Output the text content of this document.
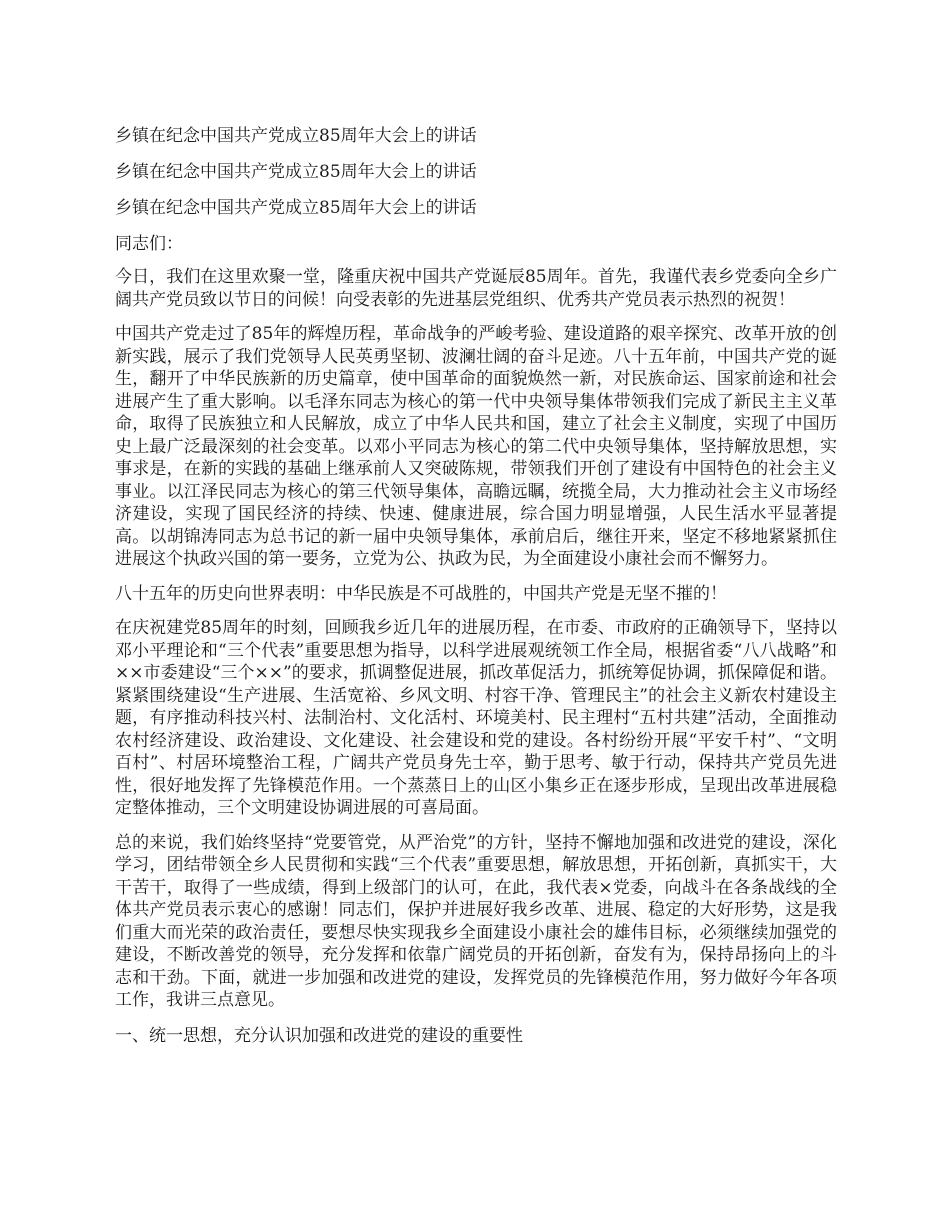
乡镇在纪念中国共产党成立85周年大会上的讲话

乡镇在纪念中国共产党成立85周年大会上的讲话

乡镇在纪念中国共产党成立85周年大会上的讲话

同志们：

今日，我们在这里欢聚一堂，隆重庆祝中国共产党诞辰85周年。首先，我谨代表乡党委向全乡广阔共产党员致以节日的问候！向受表彰的先进基层党组织、优秀共产党员表示热烈的祝贺！

中国共产党走过了85年的辉煌历程，革命战争的严峻考验、建设道路的艰辛探究、改革开放的创新实践，展示了我们党领导人民英勇坚韧、波澜壮阔的奋斗足迹。八十五年前，中国共产党的诞生，翻开了中华民族新的历史篇章，使中国革命的面貌焕然一新，对民族命运、国家前途和社会进展产生了重大影响。以毛泽东同志为核心的第一代中央领导集体带领我们完成了新民主主义革命，取得了民族独立和人民解放，成立了中华人民共和国，建立了社会主义制度，实现了中国历史上最广泛最深刻的社会变革。以邓小平同志为核心的第二代中央领导集体，坚持解放思想，实事求是，在新的实践的基础上继承前人又突破陈规，带领我们开创了建设有中国特色的社会主义事业。以江泽民同志为核心的第三代领导集体，高瞻远瞩，统揽全局，大力推动社会主义市场经济建设，实现了国民经济的持续、快速、健康进展，综合国力明显增强，人民生活水平显著提高。以胡锦涛同志为总书记的新一届中央领导集体，承前启后，继往开来，坚定不移地紧紧抓住进展这个执政兴国的第一要务，立党为公、执政为民，为全面建设小康社会而不懈努力。

八十五年的历史向世界表明：中华民族是不可战胜的，中国共产党是无坚不摧的！

在庆祝建党85周年的时刻，回顾我乡近几年的进展历程，在市委、市政府的正确领导下，坚持以邓小平理论和“三个代表”重要思想为指导，以科学进展观统领工作全局，根据省委“八八战略”和××市委建设“三个××”的要求，抓调整促进展，抓改革促活力，抓统筹促协调，抓保障促和谐。紧紧围绕建设“生产进展、生活宽裕、乡风文明、村容干净、管理民主”的社会主义新农村建设主题，有序推动科技兴村、法制治村、文化活村、环境美村、民主理村“五村共建”活动，全面推动农村经济建设、政治建设、文化建设、社会建设和党的建设。各村纷纷开展“平安千村”、“文明百村”、村居环境整治工程，广阔共产党员身先士卒，勤于思考、敏于行动，保持共产党员先进性，很好地发挥了先锋模范作用。一个蒸蒸日上的山区小集乡正在逐步形成，呈现出改革进展稳定整体推动，三个文明建设协调进展的可喜局面。

总的来说，我们始终坚持“党要管党，从严治党”的方针，坚持不懈地加强和改进党的建设，深化学习，团结带领全乡人民贯彻和实践“三个代表”重要思想，解放思想，开拓创新，真抓实干，大干苦干，取得了一些成绩，得到上级部门的认可，在此，我代表×党委，向战斗在各条战线的全体共产党员表示衷心的感谢！同志们，保护并进展好我乡改革、进展、稳定的大好形势，这是我们重大而光荣的政治责任，要想尽快实现我乡全面建设小康社会的雄伟目标，必须继续加强党的建设，不断改善党的领导，充分发挥和依靠广阔党员的开拓创新，奋发有为，保持昂扬向上的斗志和干劲。下面，就进一步加强和改进党的建设，发挥党员的先锋模范作用，努力做好今年各项工作，我讲三点意见。

一、统一思想，充分认识加强和改进党的建设的重要性
